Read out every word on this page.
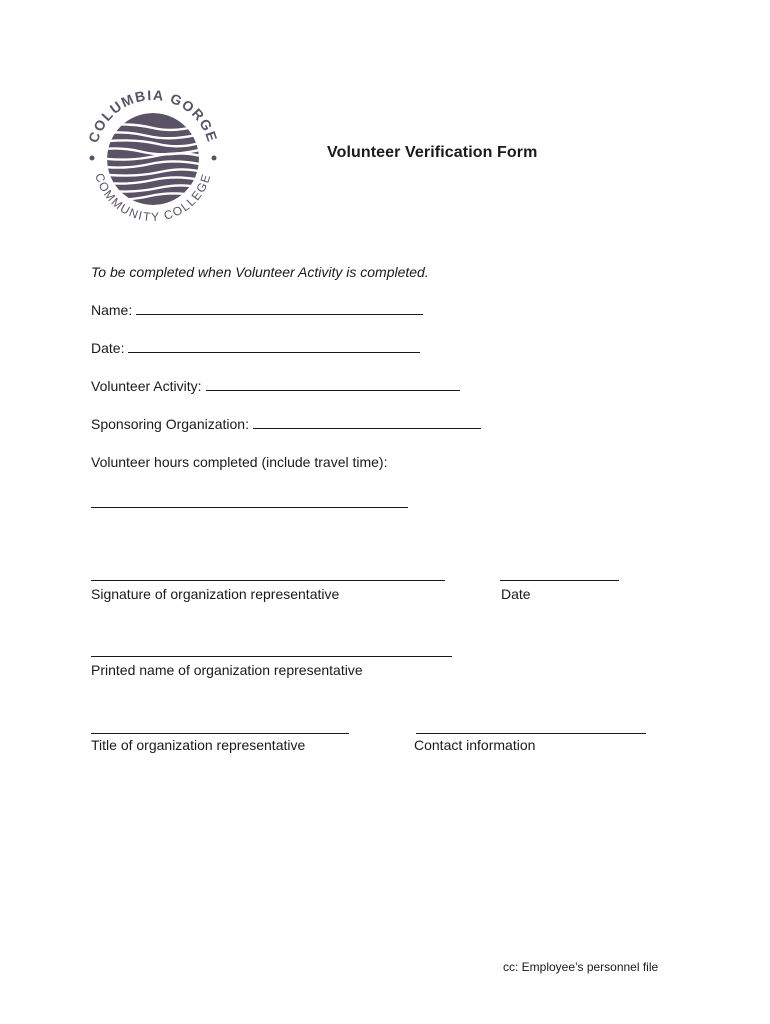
COLUMBIA GORGE
COMMUNITY COLLEGE
Volunteer Verification Form
To be completed when Volunteer Activity is completed.
Name:
Date:
Volunteer Activity:
Sponsoring Organization:
Volunteer hours completed (include travel time):
Signature of organization representative	Date
Printed name of organization representative
Title of organization representative	Contact information
cc: Employee’s personnel file
